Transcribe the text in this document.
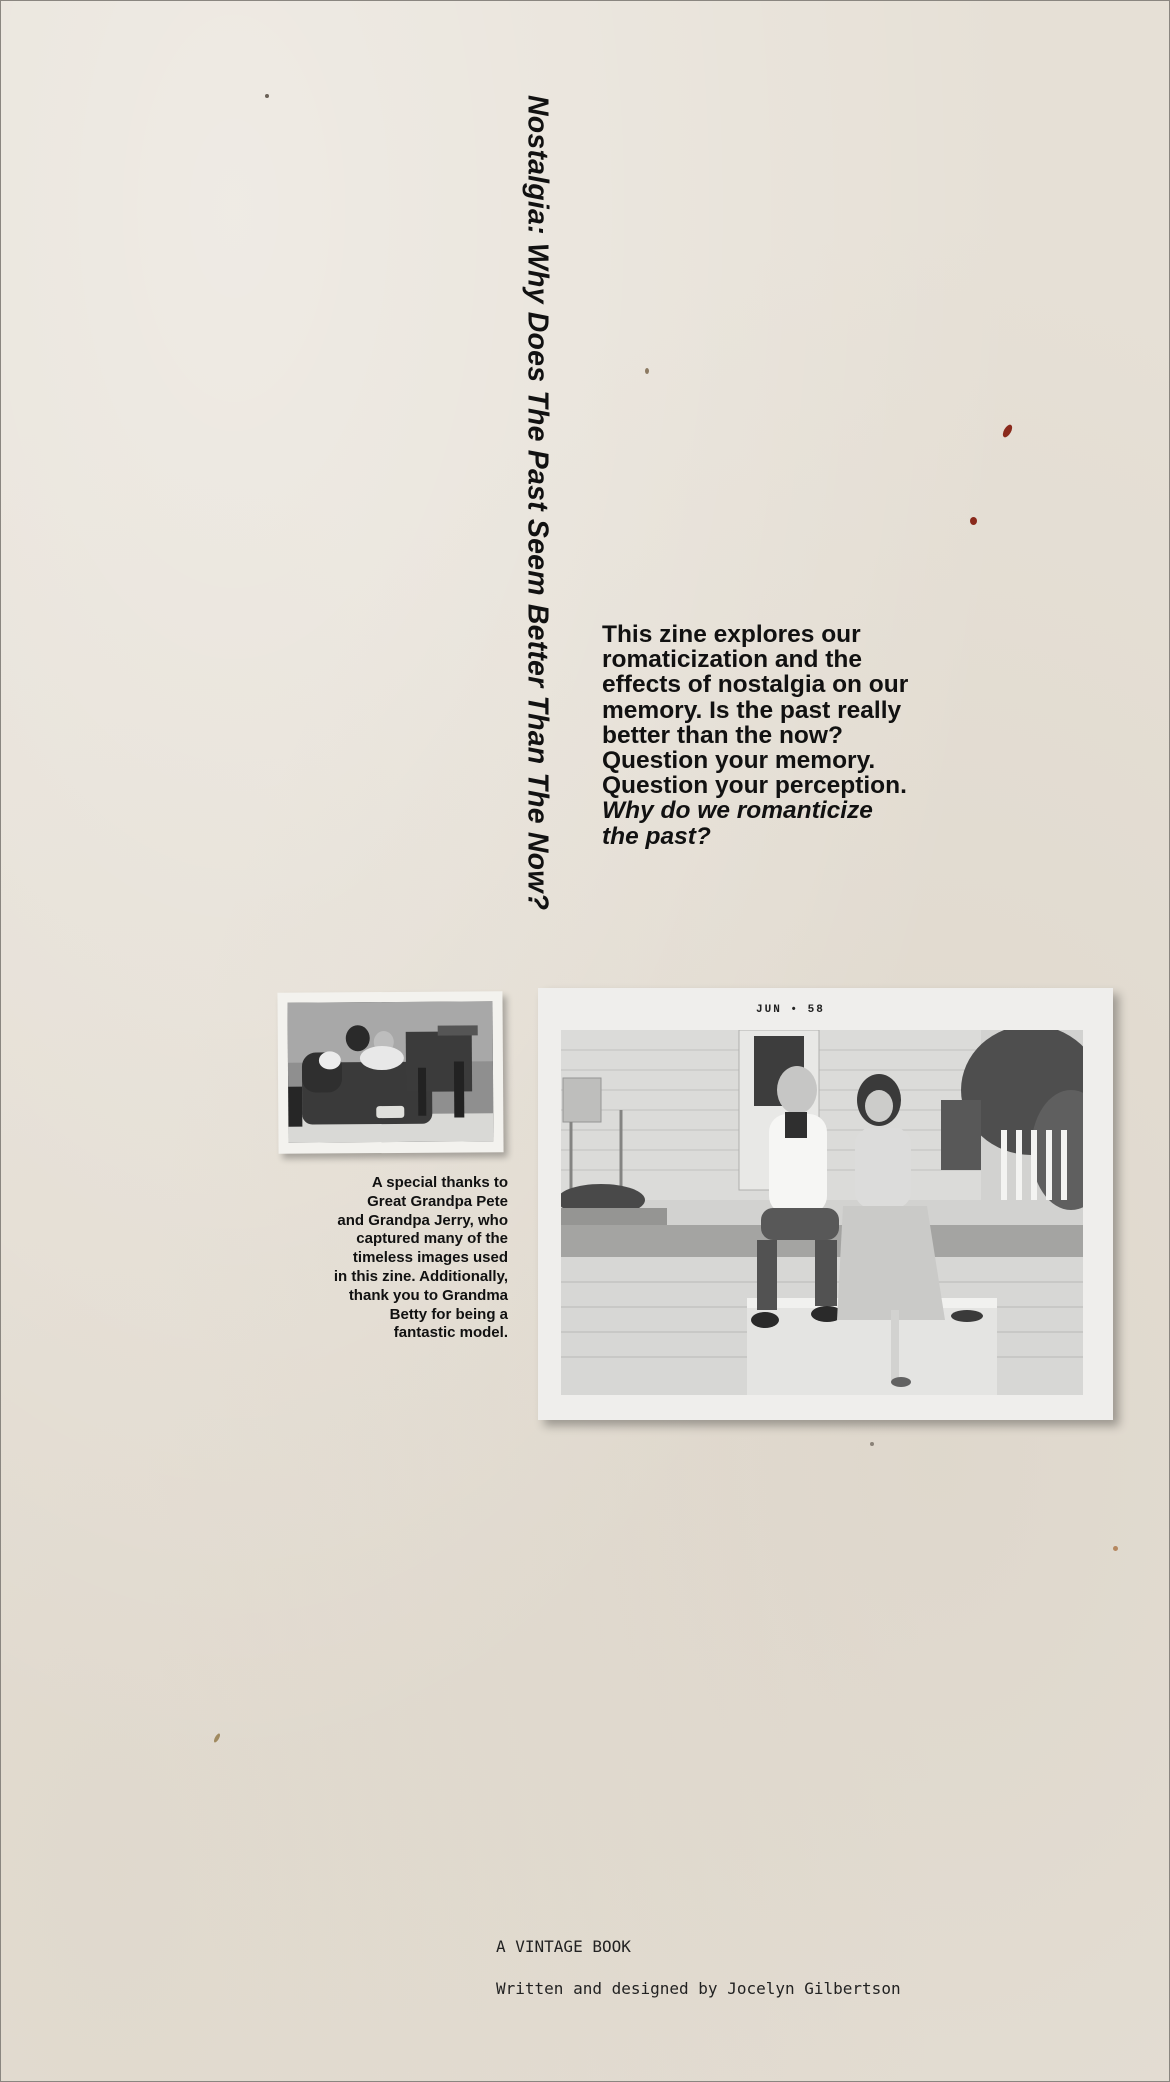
Nostalgia: Why Does The Past Seem Better Than The Now? This zine explores our

romaticization and the

effects of nostalgia on our

memory. Is the past really

better than the now?

Question your memory.

Question your perception.

Why do we romanticize

the past?

JUN • 58
A special thanks to
Great Grandpa Pete
and Grandpa Jerry, who
captured many of the
timeless images used
in this zine. Additionally,
thank you to Grandma
Betty for being a
fantastic model.
A VINTAGE BOOK
Written and designed by Jocelyn Gilbertson
